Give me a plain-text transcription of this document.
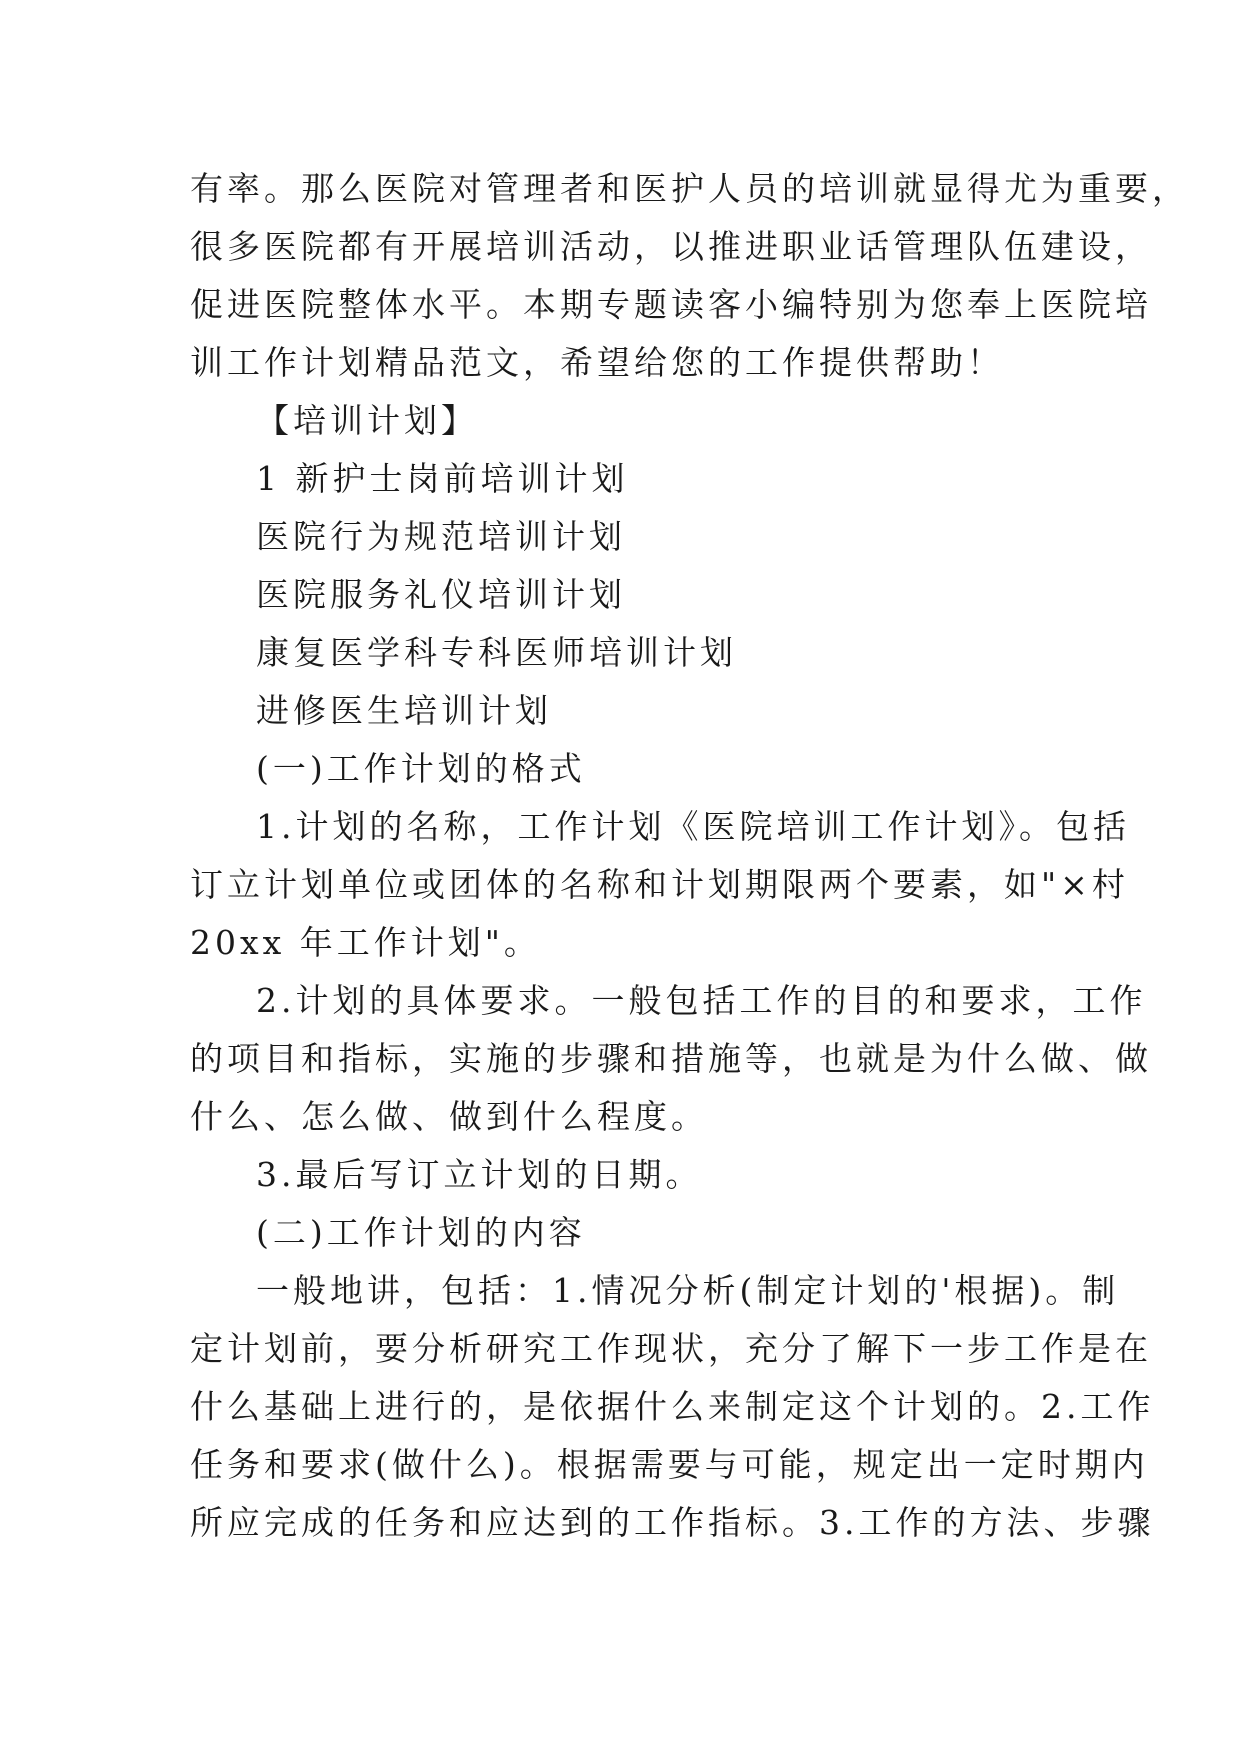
有率。那么医院对管理者和医护人员的培训就显得尤为重要，
很多医院都有开展培训活动，以推进职业话管理队伍建设，
促进医院整体水平。本期专题读客小编特别为您奉上医院培
训工作计划精品范文，希望给您的工作提供帮助！
【培训计划】
1 新护士岗前培训计划
医院行为规范培训计划
医院服务礼仪培训计划
康复医学科专科医师培训计划
进修医生培训计划
(一)工作计划的格式
1.计划的名称，工作计划《医院培训工作计划》。包括
订立计划单位或团体的名称和计划期限两个要素，如"×村
20xx 年工作计划"。
2.计划的具体要求。一般包括工作的目的和要求，工作
的项目和指标，实施的步骤和措施等，也就是为什么做、做
什么、怎么做、做到什么程度。
3.最后写订立计划的日期。
(二)工作计划的内容
一般地讲，包括：1.情况分析(制定计划的'根据)。制
定计划前，要分析研究工作现状，充分了解下一步工作是在
什么基础上进行的，是依据什么来制定这个计划的。2.工作
任务和要求(做什么)。根据需要与可能，规定出一定时期内
所应完成的任务和应达到的工作指标。3.工作的方法、步骤
